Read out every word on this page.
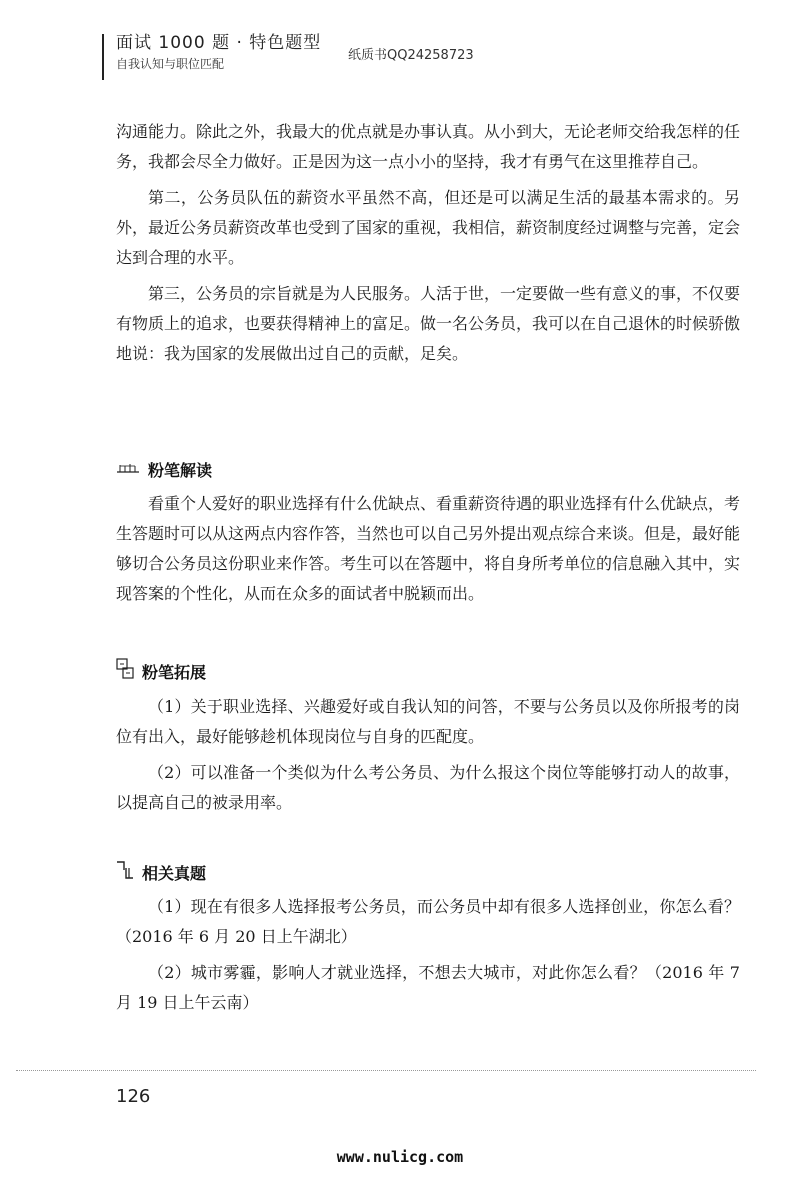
面试 1000 题 · 特色题型
自我认知与职位匹配
纸质书QQ24258723

沟通能力。除此之外，我最大的优点就是办事认真。从小到大，无论老师交给我怎样的任务，我都会尽全力做好。正是因为这一点小小的坚持，我才有勇气在这里推荐自己。

第二，公务员队伍的薪资水平虽然不高，但还是可以满足生活的最基本需求的。另外，最近公务员薪资改革也受到了国家的重视，我相信，薪资制度经过调整与完善，定会达到合理的水平。

第三，公务员的宗旨就是为人民服务。人活于世，一定要做一些有意义的事，不仅要有物质上的追求，也要获得精神上的富足。做一名公务员，我可以在自己退休的时候骄傲地说：我为国家的发展做出过自己的贡献，足矣。

粉笔解读

看重个人爱好的职业选择有什么优缺点、看重薪资待遇的职业选择有什么优缺点，考生答题时可以从这两点内容作答，当然也可以自己另外提出观点综合来谈。但是，最好能够切合公务员这份职业来作答。考生可以在答题中，将自身所考单位的信息融入其中，实现答案的个性化，从而在众多的面试者中脱颖而出。

粉笔拓展

（1）关于职业选择、兴趣爱好或自我认知的问答，不要与公务员以及你所报考的岗位有出入，最好能够趁机体现岗位与自身的匹配度。

（2）可以准备一个类似为什么考公务员、为什么报这个岗位等能够打动人的故事，以提高自己的被录用率。

相关真题

（1）现在有很多人选择报考公务员，而公务员中却有很多人选择创业，你怎么看？（2016 年 6 月 20 日上午湖北）

（2）城市雾霾，影响人才就业选择，不想去大城市，对此你怎么看？（2016 年 7 月 19 日上午云南）

126
www.nulicg.com
